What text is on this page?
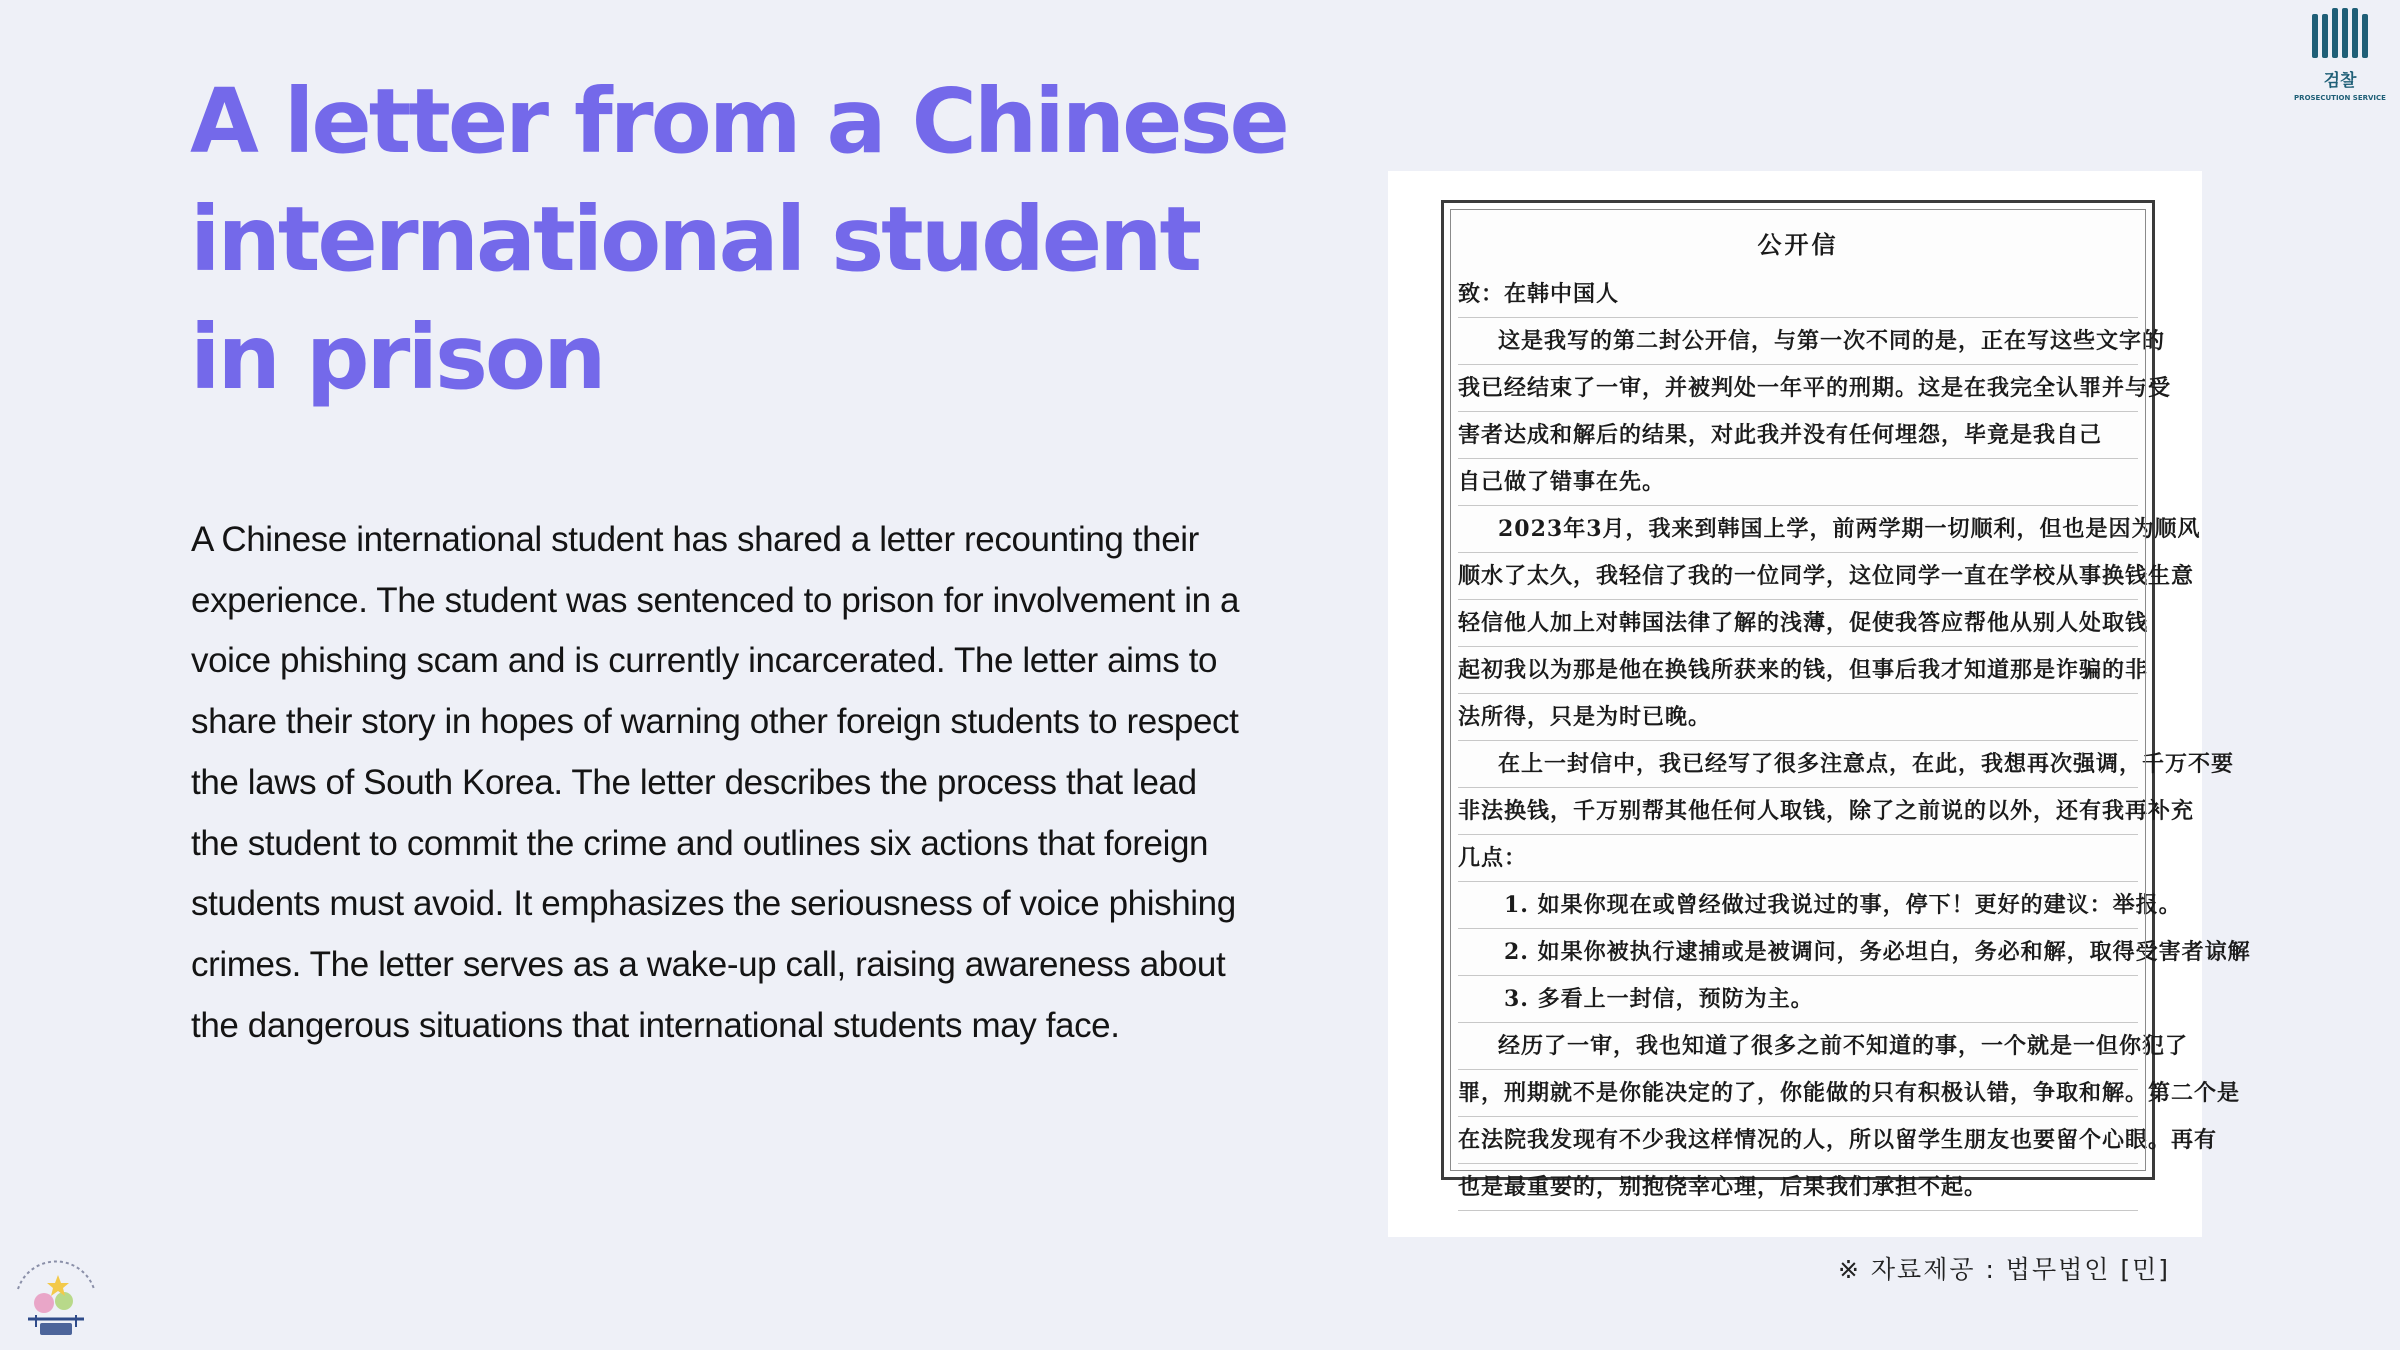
A letter from a Chinese international student in prison

A Chinese international student has shared a letter recounting their experience. The student was sentenced to prison for involvement in a voice phishing scam and is currently incarcerated. The letter aims to share their story in hopes of warning other foreign students to respect the laws of South Korea. The letter describes the process that lead the student to commit the crime and outlines six actions that foreign students must avoid. It emphasizes the seriousness of voice phishing crimes. The letter serves as a wake-up call, raising awareness about the dangerous situations that international students may face.

검찰
PROSECUTION SERVICE
公开信
致：在韩中国人
这是我写的第二封公开信，与第一次不同的是，正在写这些文字的
我已经结束了一审，并被判处一年平的刑期。这是在我完全认罪并与受
害者达成和解后的结果，对此我并没有任何埋怨，毕竟是我自己
自己做了错事在先。
2023年3月，我来到韩国上学，前两学期一切顺利，但也是因为顺风
顺水了太久，我轻信了我的一位同学，这位同学一直在学校从事换钱生意
轻信他人加上对韩国法律了解的浅薄，促使我答应帮他从别人处取钱
起初我以为那是他在换钱所获来的钱，但事后我才知道那是诈骗的非
法所得，只是为时已晚。
在上一封信中，我已经写了很多注意点，在此，我想再次强调，千万不要
非法换钱，千万别帮其他任何人取钱，除了之前说的以外，还有我再补充
几点：
1. 如果你现在或曾经做过我说过的事，停下！更好的建议：举报。
2. 如果你被执行逮捕或是被调问，务必坦白，务必和解，取得受害者谅解
3. 多看上一封信，预防为主。
经历了一审，我也知道了很多之前不知道的事，一个就是一但你犯了
罪，刑期就不是你能决定的了，你能做的只有积极认错，争取和解。第二个是
在法院我发现有不少我这样情况的人，所以留学生朋友也要留个心眼。再有
也是最重要的，别抱侥幸心理，后果我们承担不起。
※ 자료제공 : 법무법인 [민]
